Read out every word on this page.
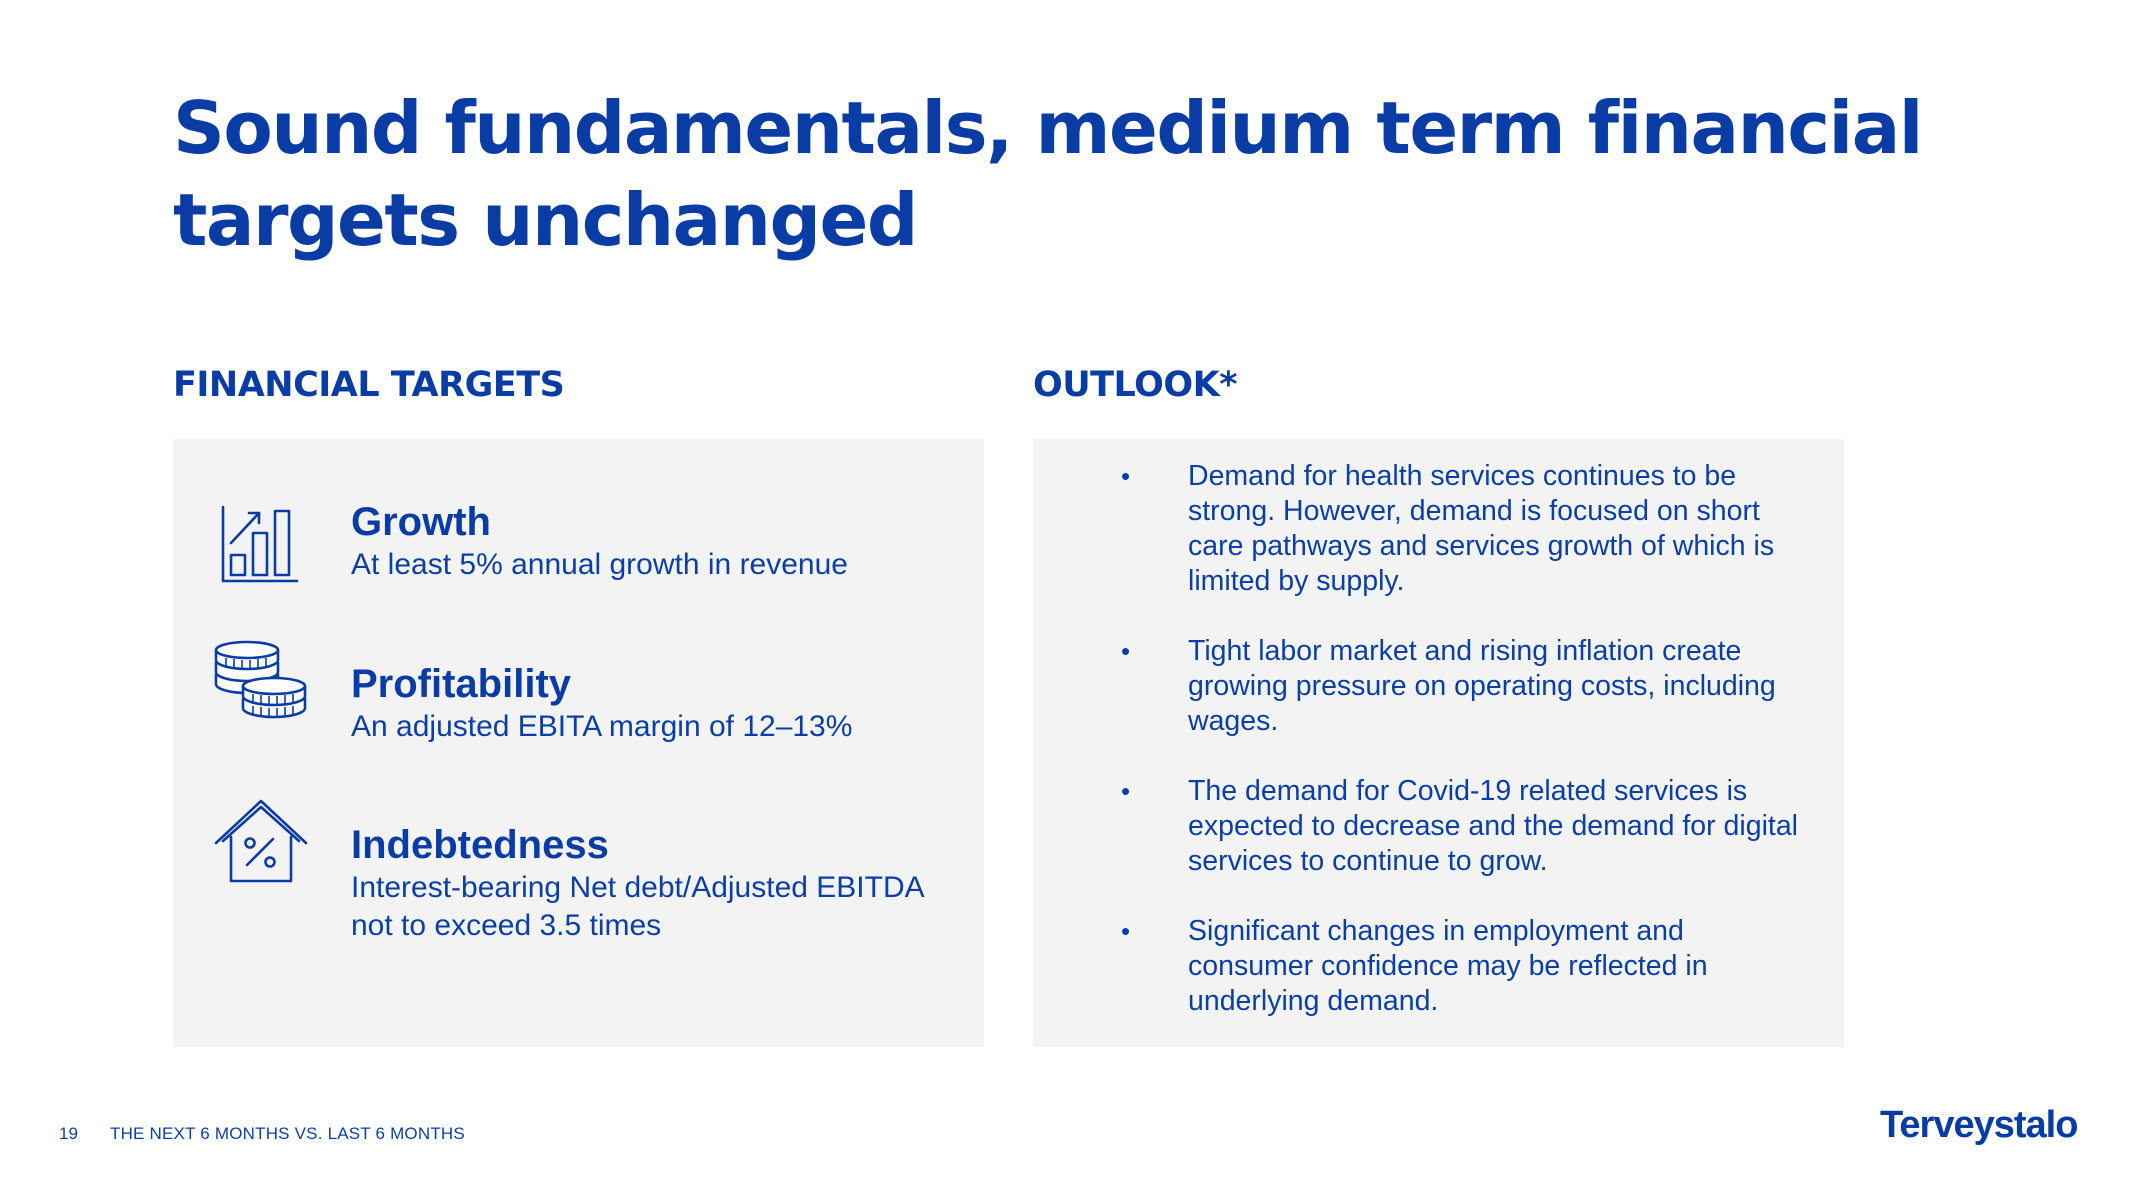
Sound fundamentals, medium term financial targets unchanged
FINANCIAL TARGETS	OUTLOOK*
Growth
At least 5% annual growth in revenue
Profitability
An adjusted EBITA margin of 12–13%
Indebtedness
Interest-bearing Net debt/Adjusted EBITDA not to exceed 3.5 times
• Demand for health services continues to be strong. However, demand is focused on short care pathways and services growth of which is limited by supply.
• Tight labor market and rising inflation create growing pressure on operating costs, including wages.
• The demand for Covid-19 related services is expected to decrease and the demand for digital services to continue to grow.
• Significant changes in employment and consumer confidence may be reflected in underlying demand.
19 THE NEXT 6 MONTHS VS. LAST 6 MONTHS	Terveystalo
